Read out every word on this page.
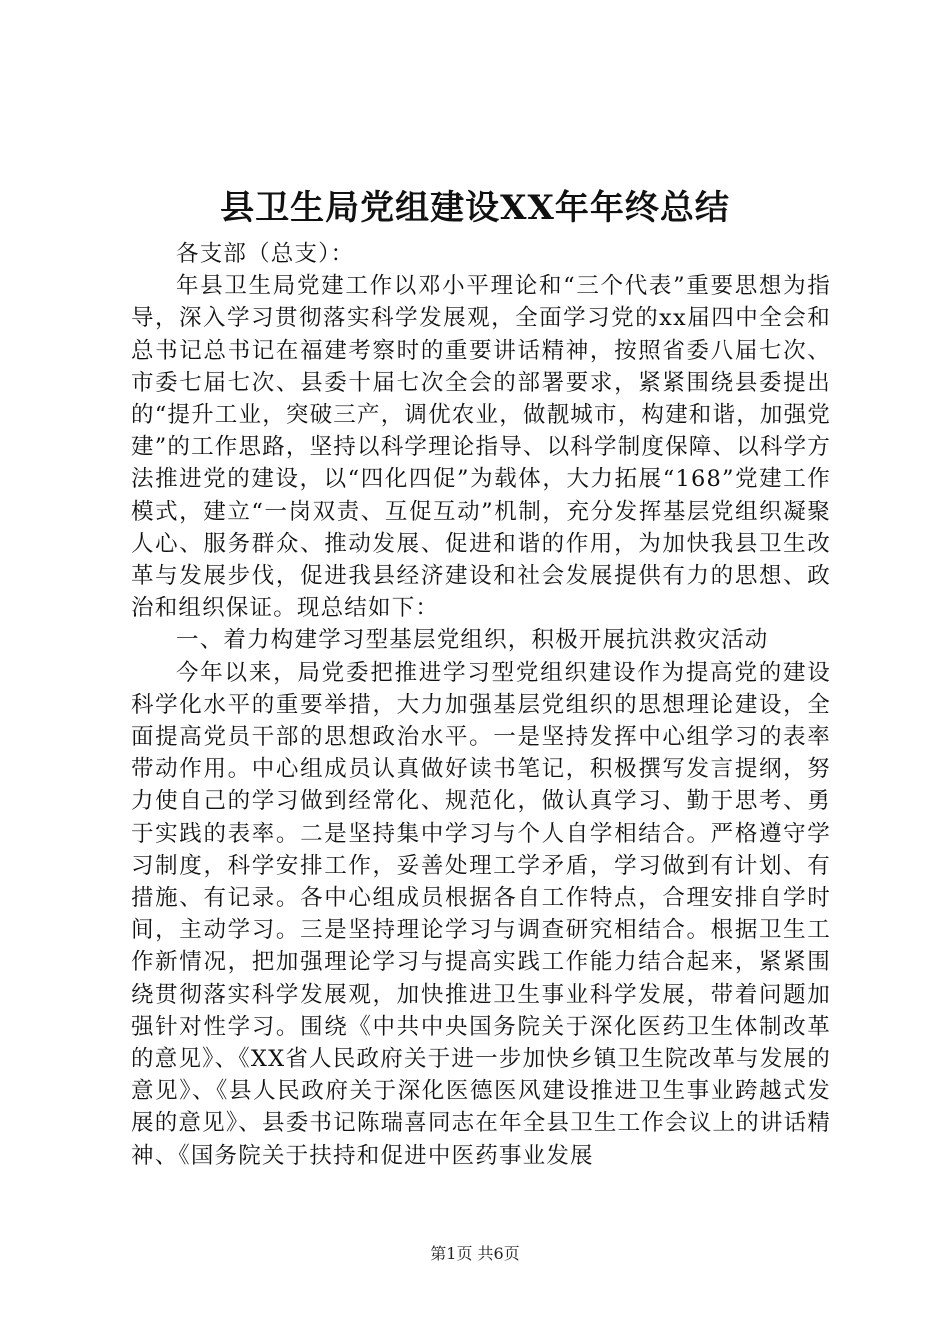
县卫生局党组建设XX年年终总结

各支部（总支）：

年县卫生局党建工作以邓小平理论和“三个代表”重要思想为指导，深入学习贯彻落实科学发展观，全面学习党的xx届四中全会和总书记总书记在福建考察时的重要讲话精神，按照省委八届七次、市委七届七次、县委十届七次全会的部署要求，紧紧围绕县委提出的“提升工业，突破三产，调优农业，做靓城市，构建和谐，加强党建”的工作思路，坚持以科学理论指导、以科学制度保障、以科学方法推进党的建设，以“四化四促”为载体，大力拓展“168”党建工作模式，建立“一岗双责、互促互动”机制，充分发挥基层党组织凝聚人心、服务群众、推动发展、促进和谐的作用，为加快我县卫生改革与发展步伐，促进我县经济建设和社会发展提供有力的思想、政治和组织保证。现总结如下：

一、着力构建学习型基层党组织，积极开展抗洪救灾活动

今年以来，局党委把推进学习型党组织建设作为提高党的建设科学化水平的重要举措，大力加强基层党组织的思想理论建设，全面提高党员干部的思想政治水平。一是坚持发挥中心组学习的表率带动作用。中心组成员认真做好读书笔记，积极撰写发言提纲，努力使自己的学习做到经常化、规范化，做认真学习、勤于思考、勇于实践的表率。二是坚持集中学习与个人自学相结合。严格遵守学习制度，科学安排工作，妥善处理工学矛盾，学习做到有计划、有措施、有记录。各中心组成员根据各自工作特点，合理安排自学时间，主动学习。三是坚持理论学习与调查研究相结合。根据卫生工作新情况，把加强理论学习与提高实践工作能力结合起来，紧紧围绕贯彻落实科学发展观，加快推进卫生事业科学发展，带着问题加强针对性学习。围绕《中共中央国务院关于深化医药卫生体制改革的意见》、《XX省人民政府关于进一步加快乡镇卫生院改革与发展的意见》、《县人民政府关于深化医德医风建设推进卫生事业跨越式发展的意见》、县委书记陈瑞喜同志在年全县卫生工作会议上的讲话精神、《国务院关于扶持和促进中医药事业发展

第1页 共6页
